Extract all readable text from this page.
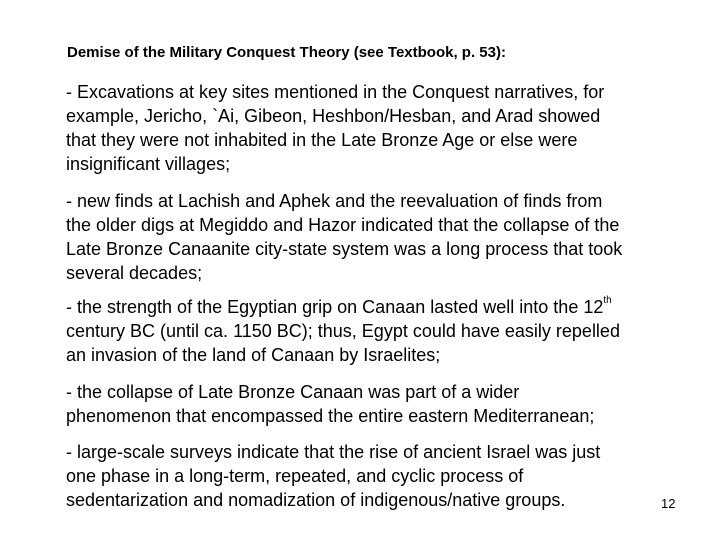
Demise of the Military Conquest Theory (see Textbook, p. 53):
- Excavations at key sites mentioned in the Conquest narratives, for
example, Jericho, `Ai, Gibeon, Heshbon/Hesban, and Arad showed
that they were not inhabited in the Late Bronze Age or else were
insignificant villages;
- new finds at Lachish and Aphek and the reevaluation of finds from
the older digs at Megiddo and Hazor indicated that the collapse of the
Late Bronze Canaanite city-state system was a long process that took
several decades;
- the strength of the Egyptian grip on Canaan lasted well into the 12th
century BC (until ca. 1150 BC); thus, Egypt could have easily repelled
an invasion of the land of Canaan by Israelites;
- the collapse of Late Bronze Canaan was part of a wider
phenomenon that encompassed the entire eastern Mediterranean;
- large-scale surveys indicate that the rise of ancient Israel was just
one phase in a long-term, repeated, and cyclic process of
sedentarization and nomadization of indigenous/native groups.	12
